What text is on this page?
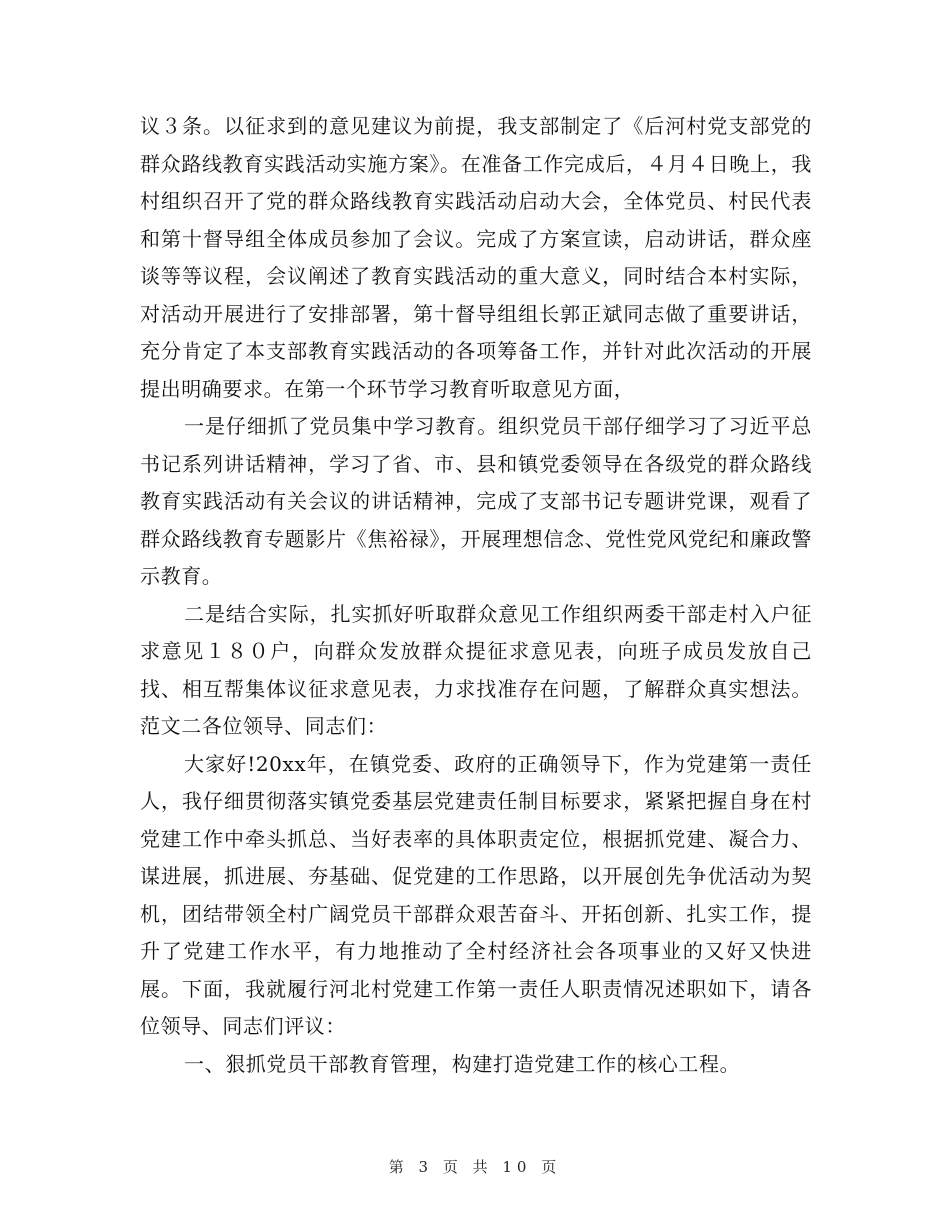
议３条。以征求到的意见建议为前提，我支部制定了《后河村党支部党的群众路线教育实践活动实施方案》。在准备工作完成后，４月４日晚上，我村组织召开了党的群众路线教育实践活动启动大会，全体党员、村民代表和第十督导组全体成员参加了会议。完成了方案宣读，启动讲话，群众座谈等等议程，会议阐述了教育实践活动的重大意义，同时结合本村实际，对活动开展进行了安排部署，第十督导组组长郭正斌同志做了重要讲话，充分肯定了本支部教育实践活动的各项筹备工作，并针对此次活动的开展提出明确要求。在第一个环节学习教育听取意见方面，

一是仔细抓了党员集中学习教育。组织党员干部仔细学习了习近平总书记系列讲话精神，学习了省、市、县和镇党委领导在各级党的群众路线教育实践活动有关会议的讲话精神，完成了支部书记专题讲党课，观看了群众路线教育专题影片《焦裕禄》，开展理想信念、党性党风党纪和廉政警示教育。

二是结合实际，扎实抓好听取群众意见工作组织两委干部走村入户征求意见１８０户，向群众发放群众提征求意见表，向班子成员发放自己找、相互帮集体议征求意见表，力求找准存在问题，了解群众真实想法。范文二各位领导、同志们：

大家好!20xx年，在镇党委、政府的正确领导下，作为党建第一责任人，我仔细贯彻落实镇党委基层党建责任制目标要求，紧紧把握自身在村党建工作中牵头抓总、当好表率的具体职责定位，根据抓党建、凝合力、谋进展，抓进展、夯基础、促党建的工作思路，以开展创先争优活动为契机，团结带领全村广阔党员干部群众艰苦奋斗、开拓创新、扎实工作，提升了党建工作水平，有力地推动了全村经济社会各项事业的又好又快进展。下面，我就履行河北村党建工作第一责任人职责情况述职如下，请各位领导、同志们评议：

一、狠抓党员干部教育管理，构建打造党建工作的核心工程。

第 3 页 共 10 页
